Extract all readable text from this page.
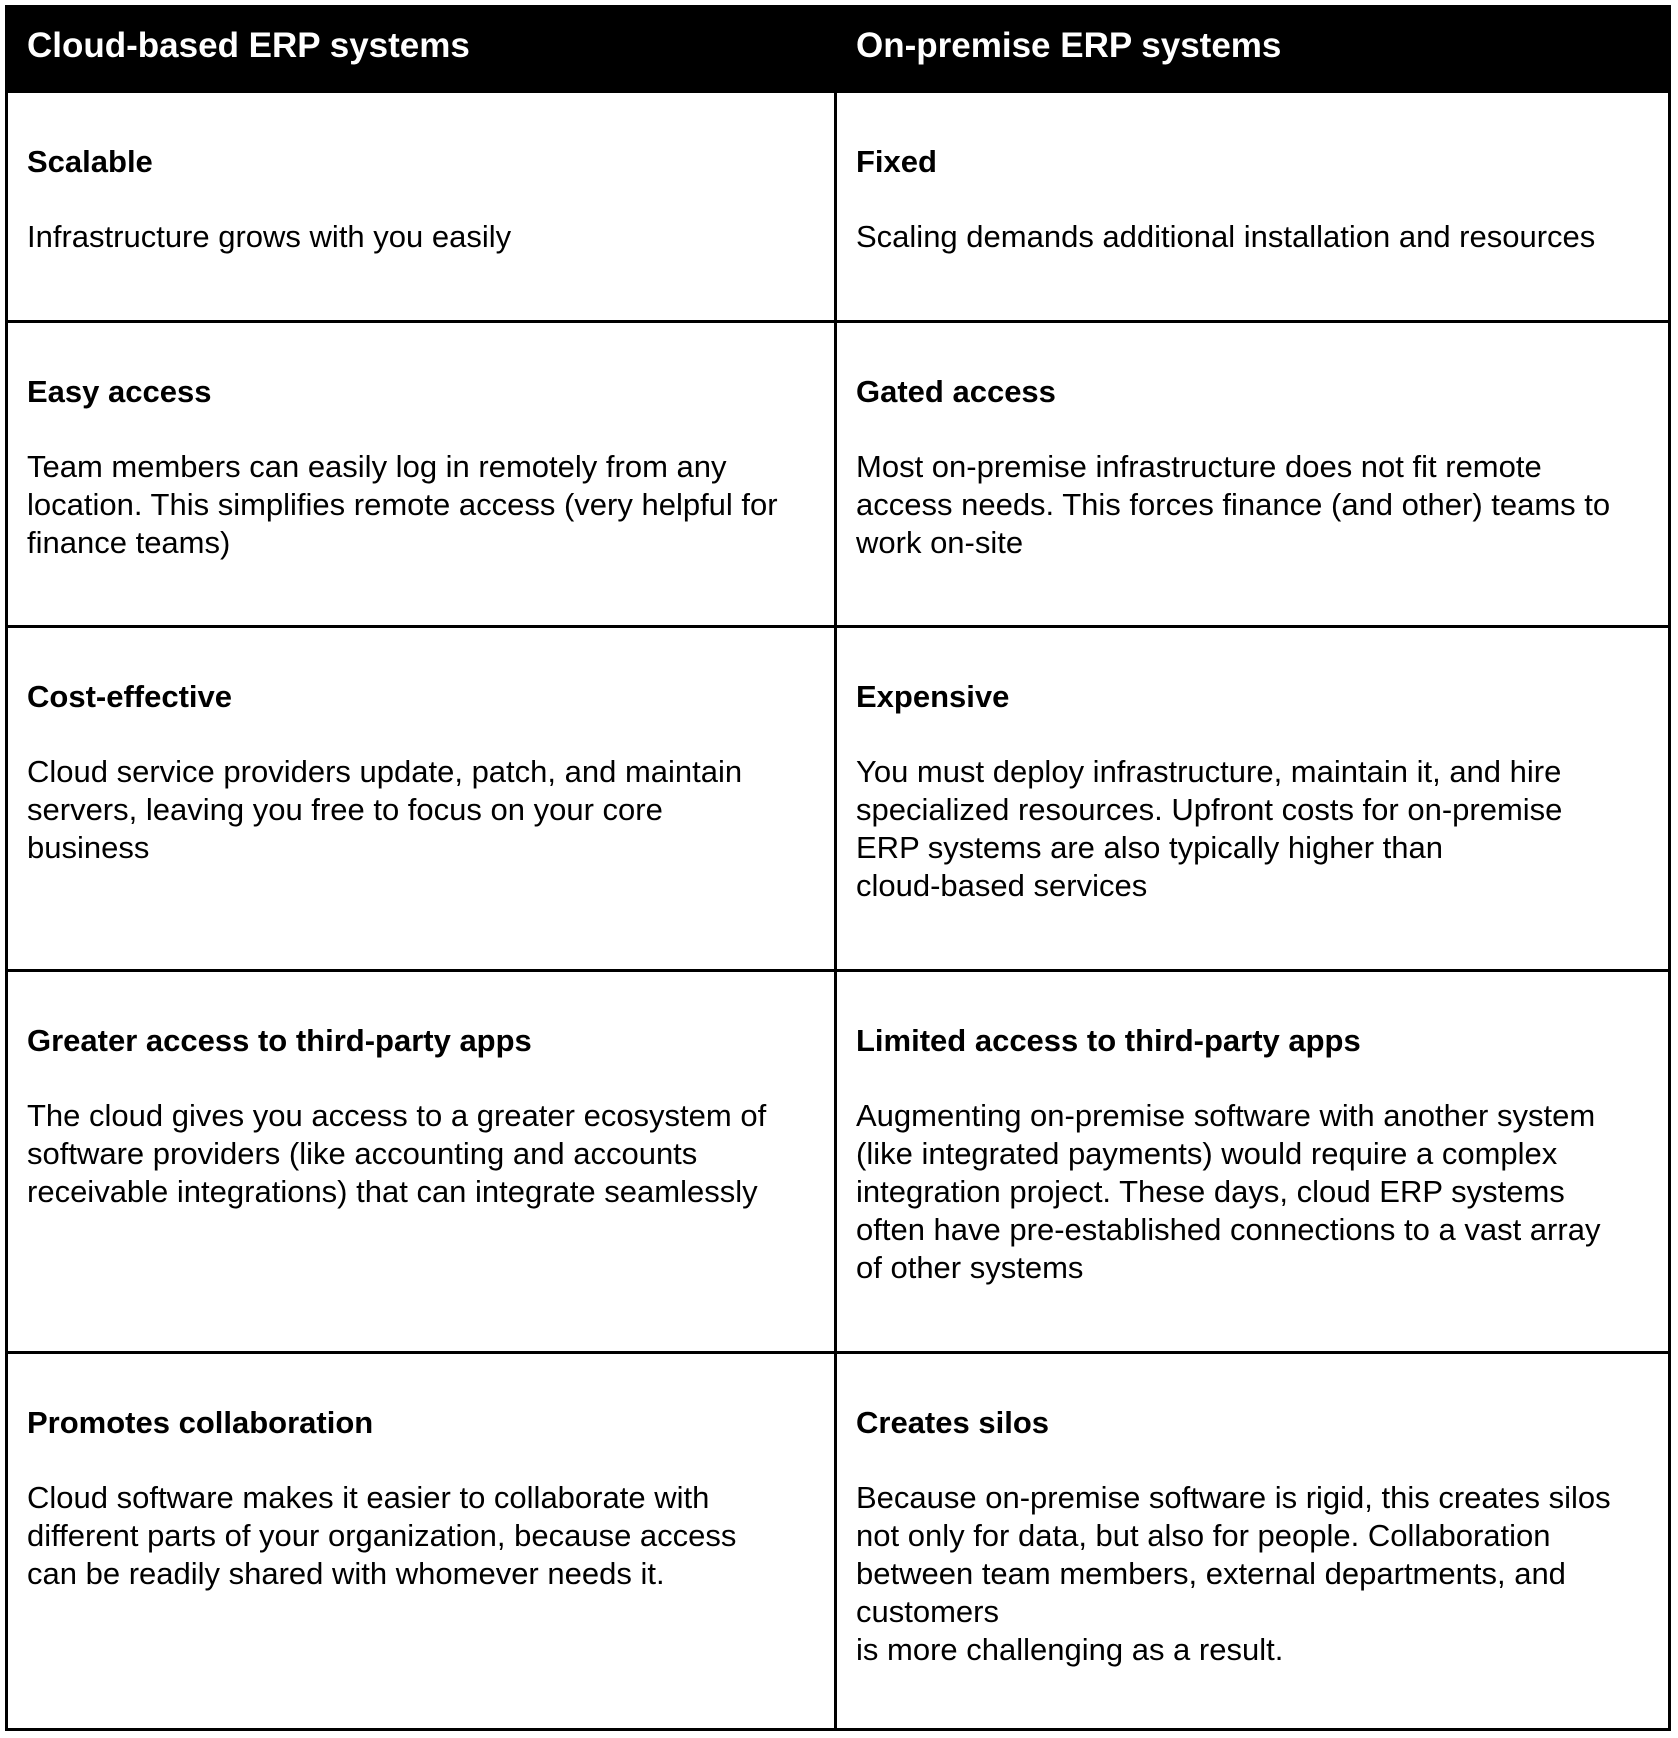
Cloud-based ERP systems	On-premise ERP systems

Scalable

Infrastructure grows with you easily

Fixed

Scaling demands additional installation and resources

Easy access

Team members can easily log in remotely from any
location. This simplifies remote access (very helpful for
finance teams)

Gated access

Most on-premise infrastructure does not fit remote
access needs. This forces finance (and other) teams to
work on-site

Cost-effective

Cloud service providers update, patch, and maintain
servers, leaving you free to focus on your core
business

Expensive

You must deploy infrastructure, maintain it, and hire
specialized resources. Upfront costs for on-premise
ERP systems are also typically higher than
cloud-based services

Greater access to third-party apps

The cloud gives you access to a greater ecosystem of
software providers (like accounting and accounts
receivable integrations) that can integrate seamlessly

Limited access to third-party apps

Augmenting on-premise software with another system
(like integrated payments) would require a complex
integration project. These days, cloud ERP systems
often have pre-established connections to a vast array
of other systems

Promotes collaboration

Cloud software makes it easier to collaborate with
different parts of your organization, because access
can be readily shared with whomever needs it.

Creates silos

Because on-premise software is rigid, this creates silos
not only for data, but also for people. Collaboration
between team members, external departments, and
customers
is more challenging as a result.
